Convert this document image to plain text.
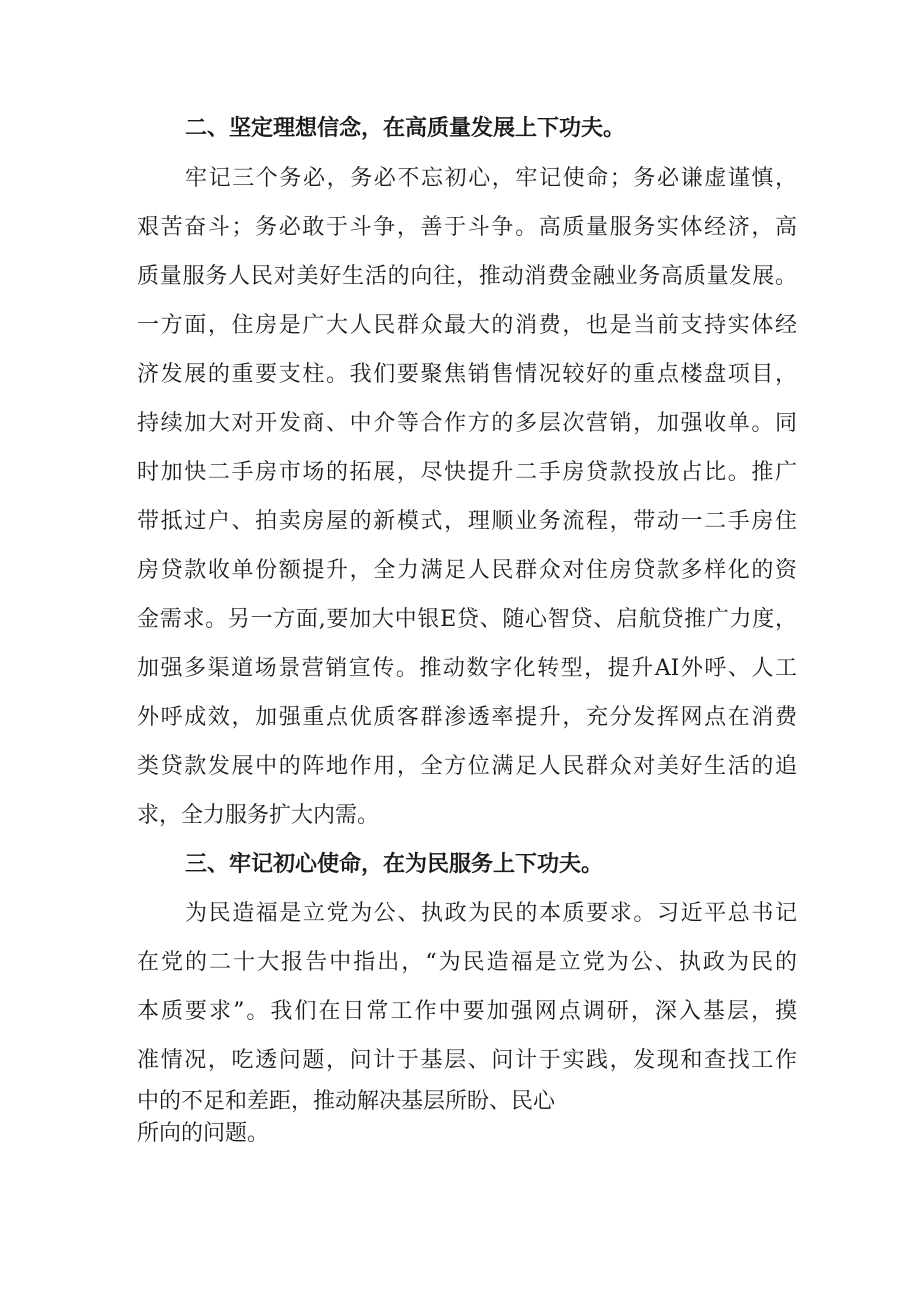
二、坚定理想信念，在高质量发展上下功夫。
牢记三个务必，务必不忘初心，牢记使命；务必谦虚谨慎，
艰苦奋斗；务必敢于斗争，善于斗争。高质量服务实体经济，高
质量服务人民对美好生活的向往，推动消费金融业务高质量发展。
一方面，住房是广大人民群众最大的消费，也是当前支持实体经
济发展的重要支柱。我们要聚焦销售情况较好的重点楼盘项目，
持续加大对开发商、中介等合作方的多层次营销，加强收单。同
时加快二手房市场的拓展，尽快提升二手房贷款投放占比。推广
带抵过户、拍卖房屋的新模式，理顺业务流程，带动一二手房住
房贷款收单份额提升，全力满足人民群众对住房贷款多样化的资
金需求。另一方面,要加大中银E贷、随心智贷、启航贷推广力度，
加强多渠道场景营销宣传。推动数字化转型，提升AI外呼、人工
外呼成效，加强重点优质客群渗透率提升，充分发挥网点在消费
类贷款发展中的阵地作用，全方位满足人民群众对美好生活的追
求，全力服务扩大内需。
三、牢记初心使命，在为民服务上下功夫。
为民造福是立党为公、执政为民的本质要求。习近平总书记
在党的二十大报告中指出，“为民造福是立党为公、执政为民的
本质要求”。我们在日常工作中要加强网点调研，深入基层，摸
准情况，吃透问题，问计于基层、问计于实践，发现和查找工作
中的不足和差距，推动解决基层所盼、民心
所向的问题。
